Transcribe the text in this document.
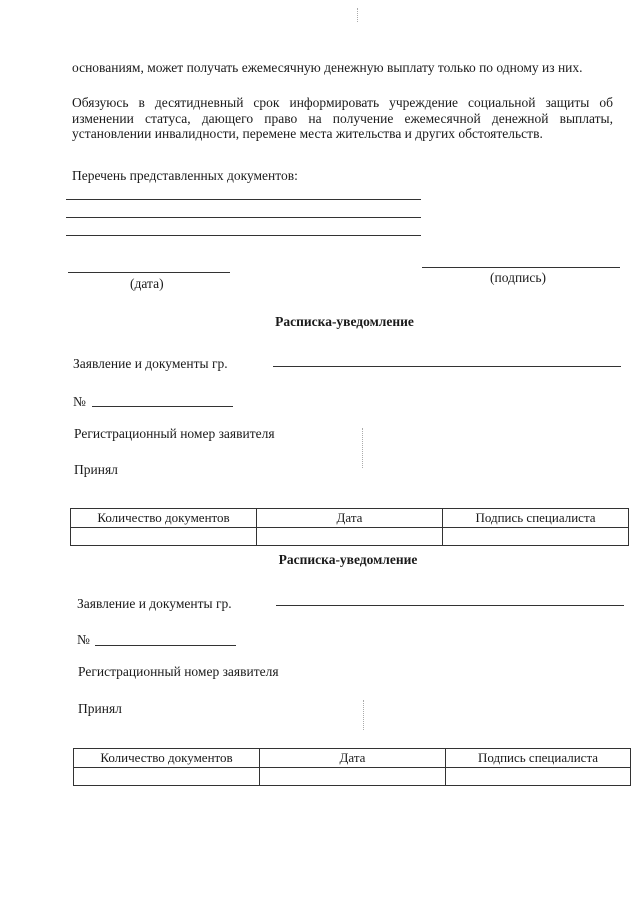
основаниям, может получать ежемесячную денежную выплату только по одному из них.

Обязуюсь в десятидневный срок информировать учреждение социальной защиты об изменении статуса, дающего право на получение ежемесячной денежной выплаты, установлении инвалидности, перемене места жительства и других обстоятельств.

Перечень представленных документов:
(дата)	(подпись)
Расписка-уведомление
Заявление и документы гр.
№
Регистрационный номер заявителя
Принял
Количество документов	Дата	Подпись специалиста

Расписка-уведомление
Заявление и документы гр.
№
Регистрационный номер заявителя
Принял
Количество документов	Дата	Подпись специалиста
